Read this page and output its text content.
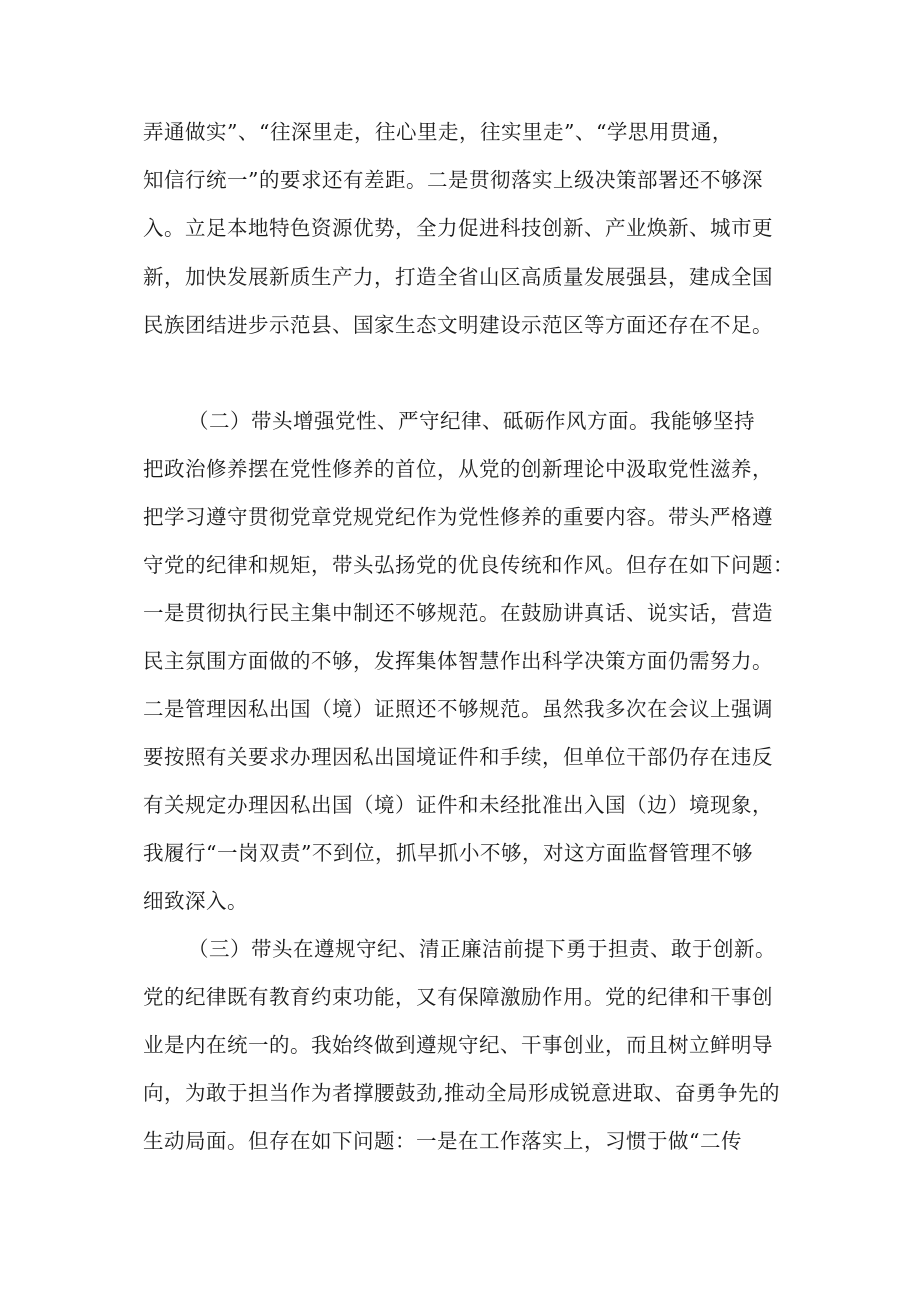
弄通做实”、“往深里走，往心里走，往实里走”、“学思用贯通，
知信行统一”的要求还有差距。二是贯彻落实上级决策部署还不够深
入。立足本地特色资源优势，全力促进科技创新、产业焕新、城市更
新，加快发展新质生产力，打造全省山区高质量发展强县，建成全国
民族团结进步示范县、国家生态文明建设示范区等方面还存在不足。
（二）带头增强党性、严守纪律、砥砺作风方面。我能够坚持
把政治修养摆在党性修养的首位，从党的创新理论中汲取党性滋养，
把学习遵守贯彻党章党规党纪作为党性修养的重要内容。带头严格遵
守党的纪律和规矩，带头弘扬党的优良传统和作风。但存在如下问题：
一是贯彻执行民主集中制还不够规范。在鼓励讲真话、说实话，营造
民主氛围方面做的不够，发挥集体智慧作出科学决策方面仍需努力。
二是管理因私出国（境）证照还不够规范。虽然我多次在会议上强调
要按照有关要求办理因私出国境证件和手续，但单位干部仍存在违反
有关规定办理因私出国（境）证件和未经批准出入国（边）境现象，
我履行“一岗双责”不到位，抓早抓小不够，对这方面监督管理不够
细致深入。
（三）带头在遵规守纪、清正廉洁前提下勇于担责、敢于创新。
党的纪律既有教育约束功能，又有保障激励作用。党的纪律和干事创
业是内在统一的。我始终做到遵规守纪、干事创业，而且树立鲜明导
向，为敢于担当作为者撑腰鼓劲,推动全局形成锐意进取、奋勇争先的
生动局面。但存在如下问题：一是在工作落实上，习惯于做“二传
